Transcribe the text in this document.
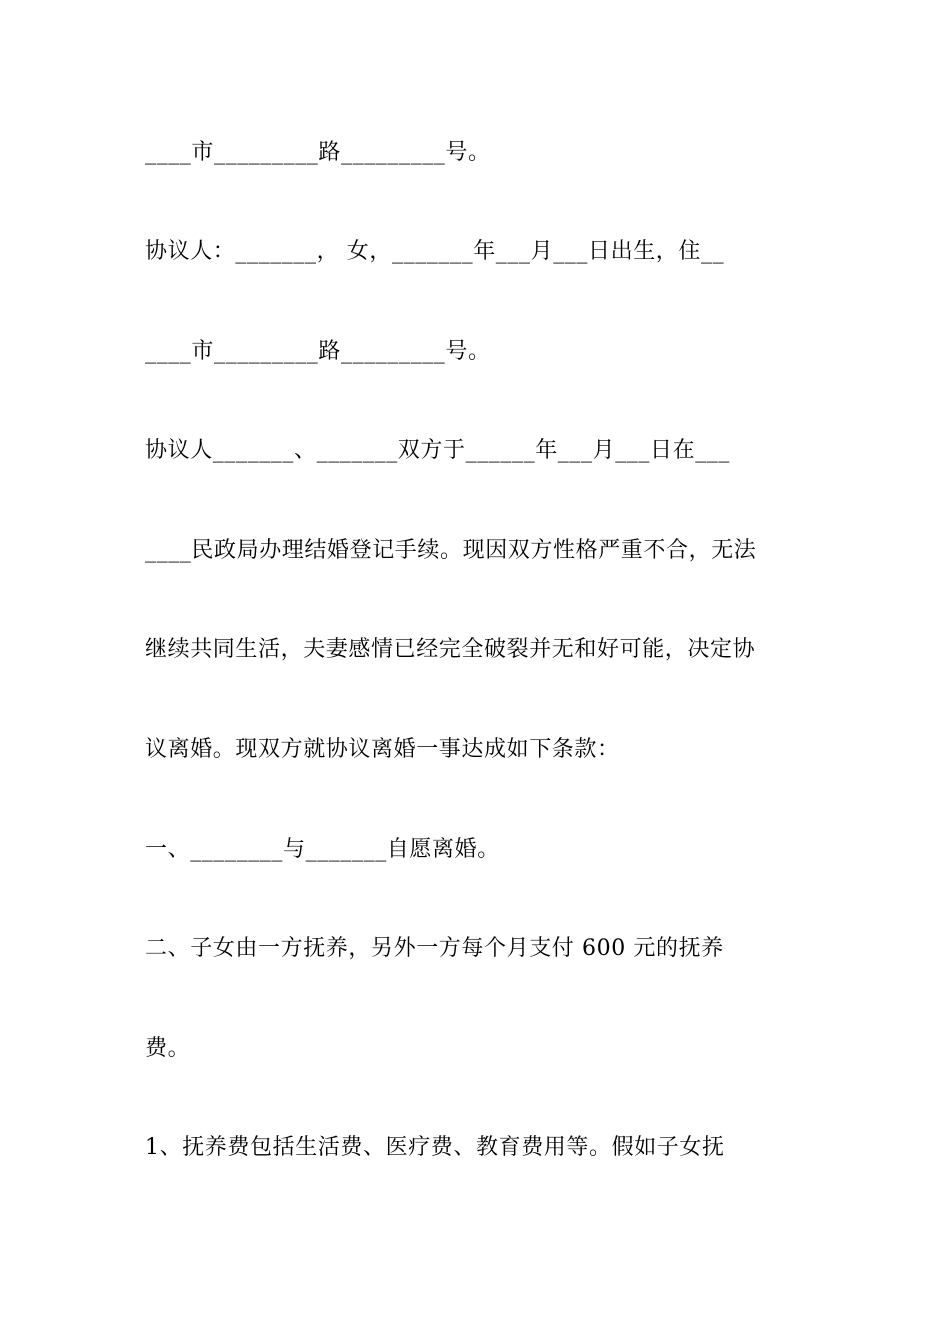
____市_________路_________号。
协议人：_______， 女，_______年___月___日出生，住__
____市_________路_________号。
协议人_______、_______双方于______年___月___日在___
____民政局办理结婚登记手续。现因双方性格严重不合，无法
继续共同生活，夫妻感情已经完全破裂并无和好可能，决定协
议离婚。现双方就协议离婚一事达成如下条款：
一、________与_______自愿离婚。
二、子女由一方抚养，另外一方每个月支付 600 元的抚养
费。
1、抚养费包括生活费、医疗费、教育费用等。假如子女抚
